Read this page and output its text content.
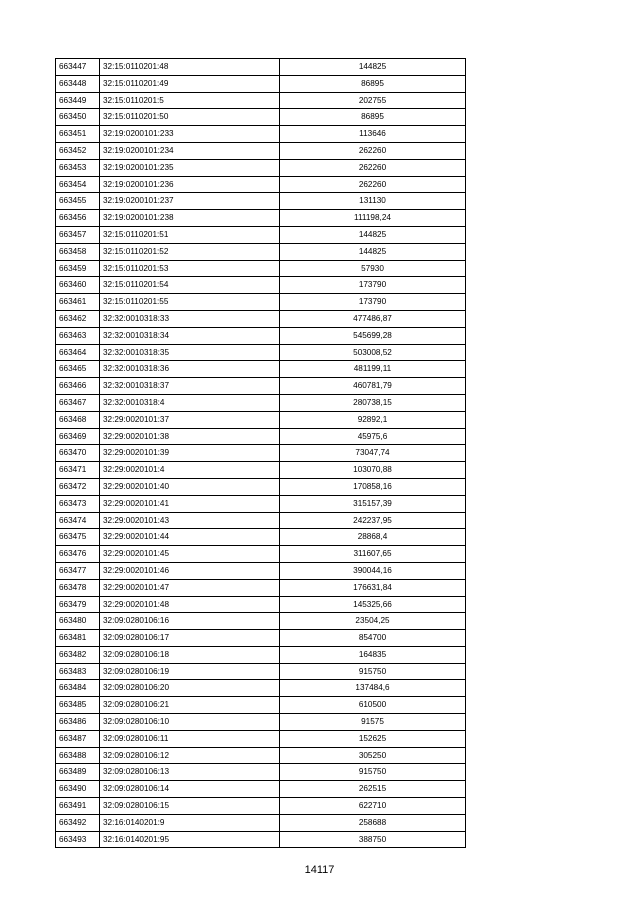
663447	32:15:0110201:48	144825
663448	32:15:0110201:49	86895
663449	32:15:0110201:5	202755
663450	32:15:0110201:50	86895
663451	32:19:0200101:233	113646
663452	32:19:0200101:234	262260
663453	32:19:0200101:235	262260
663454	32:19:0200101:236	262260
663455	32:19:0200101:237	131130
663456	32:19:0200101:238	111198,24
663457	32:15:0110201:51	144825
663458	32:15:0110201:52	144825
663459	32:15:0110201:53	57930
663460	32:15:0110201:54	173790
663461	32:15:0110201:55	173790
663462	32:32:0010318:33	477486,87
663463	32:32:0010318:34	545699,28
663464	32:32:0010318:35	503008,52
663465	32:32:0010318:36	481199,11
663466	32:32:0010318:37	460781,79
663467	32:32:0010318:4	280738,15
663468	32:29:0020101:37	92892,1
663469	32:29:0020101:38	45975,6
663470	32:29:0020101:39	73047,74
663471	32:29:0020101:4	103070,88
663472	32:29:0020101:40	170858,16
663473	32:29:0020101:41	315157,39
663474	32:29:0020101:43	242237,95
663475	32:29:0020101:44	28868,4
663476	32:29:0020101:45	311607,65
663477	32:29:0020101:46	390044,16
663478	32:29:0020101:47	176631,84
663479	32:29:0020101:48	145325,66
663480	32:09:0280106:16	23504,25
663481	32:09:0280106:17	854700
663482	32:09:0280106:18	164835
663483	32:09:0280106:19	915750
663484	32:09:0280106:20	137484,6
663485	32:09:0280106:21	610500
663486	32:09:0280106:10	91575
663487	32:09:0280106:11	152625
663488	32:09:0280106:12	305250
663489	32:09:0280106:13	915750
663490	32:09:0280106:14	262515
663491	32:09:0280106:15	622710
663492	32:16:0140201:9	258688
663493	32:16:0140201:95	388750
14117
